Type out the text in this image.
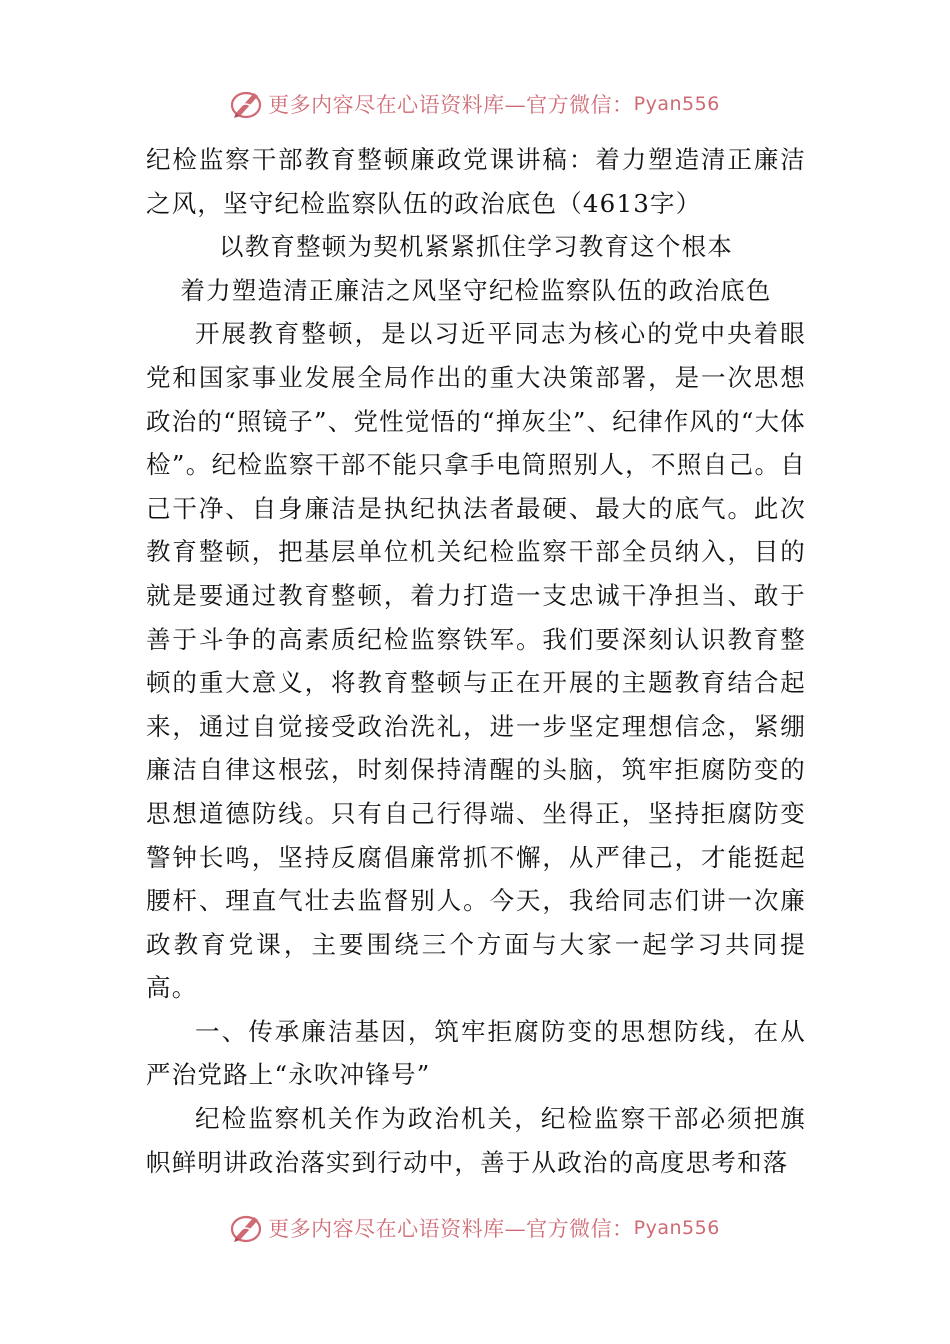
更多内容尽在心语资料库—官方微信： Pyan556

纪检监察干部教育整顿廉政党课讲稿：着力塑造清正廉洁之风，坚守纪检监察队伍的政治底色（4613字）

以教育整顿为契机紧紧抓住学习教育这个根本

着力塑造清正廉洁之风坚守纪检监察队伍的政治底色

开展教育整顿，是以习近平同志为核心的党中央着眼党和国家事业发展全局作出的重大决策部署，是一次思想政治的“照镜子”、党性觉悟的“掸灰尘”、纪律作风的“大体检”。纪检监察干部不能只拿手电筒照别人，不照自己。自己干净、自身廉洁是执纪执法者最硬、最大的底气。此次教育整顿，把基层单位机关纪检监察干部全员纳入，目的就是要通过教育整顿，着力打造一支忠诚干净担当、敢于善于斗争的高素质纪检监察铁军。我们要深刻认识教育整顿的重大意义，将教育整顿与正在开展的主题教育结合起来，通过自觉接受政治洗礼，进一步坚定理想信念，紧绷廉洁自律这根弦，时刻保持清醒的头脑，筑牢拒腐防变的思想道德防线。只有自己行得端、坐得正，坚持拒腐防变警钟长鸣，坚持反腐倡廉常抓不懈，从严律己，才能挺起腰杆、理直气壮去监督别人。今天，我给同志们讲一次廉政教育党课，主要围绕三个方面与大家一起学习共同提高。

一、传承廉洁基因，筑牢拒腐防变的思想防线，在从严治党路上“永吹冲锋号”

纪检监察机关作为政治机关，纪检监察干部必须把旗帜鲜明讲政治落实到行动中，善于从政治的高度思考和落

更多内容尽在心语资料库—官方微信： Pyan556
